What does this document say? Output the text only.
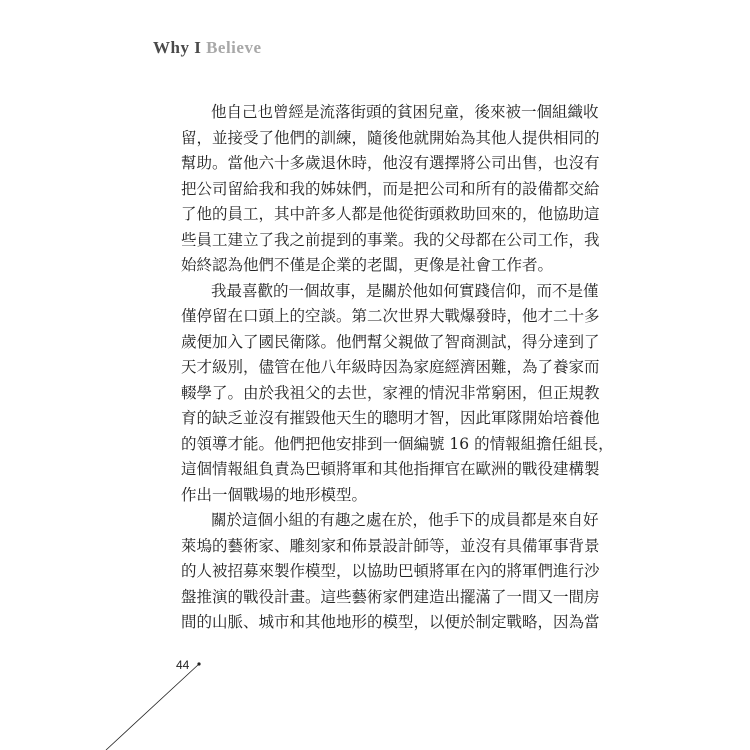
Why I Believe
他自己也曾經是流落街頭的貧困兒童，後來被一個組織收
留，並接受了他們的訓練，隨後他就開始為其他人提供相同的
幫助。當他六十多歲退休時，他沒有選擇將公司出售，也沒有
把公司留給我和我的姊妹們，而是把公司和所有的設備都交給
了他的員工，其中許多人都是他從街頭救助回來的，他協助這
些員工建立了我之前提到的事業。我的父母都在公司工作，我
始終認為他們不僅是企業的老闆，更像是社會工作者。
我最喜歡的一個故事，是關於他如何實踐信仰，而不是僅
僅停留在口頭上的空談。第二次世界大戰爆發時，他才二十多
歲便加入了國民衛隊。他們幫父親做了智商測試，得分達到了
天才級別，儘管在他八年級時因為家庭經濟困難，為了養家而
輟學了。由於我祖父的去世，家裡的情況非常窮困，但正規教
育的缺乏並沒有摧毀他天生的聰明才智，因此軍隊開始培養他
的領導才能。他們把他安排到一個編號 16 的情報組擔任組長，
這個情報組負責為巴頓將軍和其他指揮官在歐洲的戰役建構製
作出一個戰場的地形模型。
關於這個小組的有趣之處在於，他手下的成員都是來自好
萊塢的藝術家、雕刻家和佈景設計師等，並沒有具備軍事背景
的人被招募來製作模型，以協助巴頓將軍在內的將軍們進行沙
盤推演的戰役計畫。這些藝術家們建造出擺滿了一間又一間房
間的山脈、城市和其他地形的模型，以便於制定戰略，因為當
44
